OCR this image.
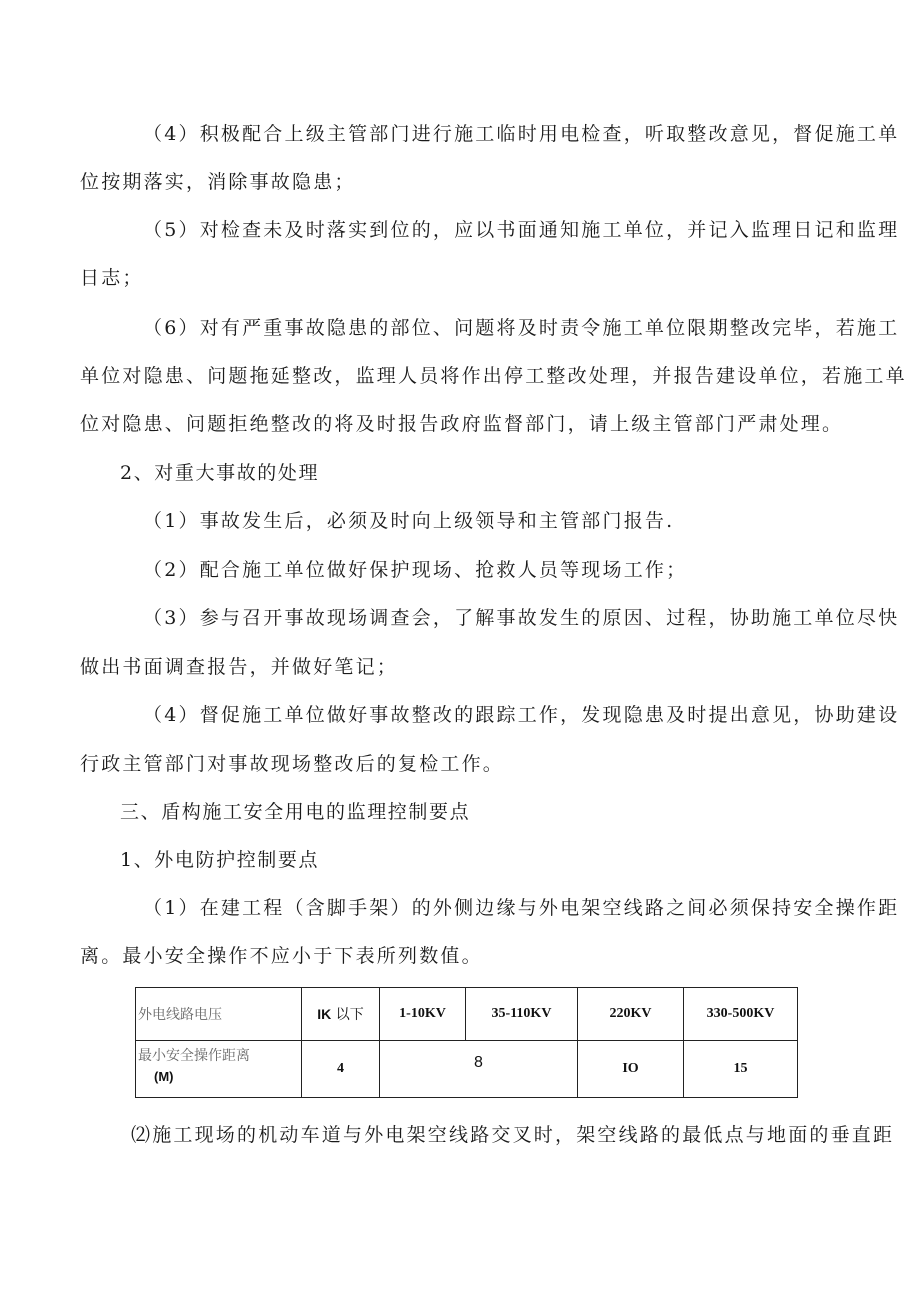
（4）积极配合上级主管部门进行施工临时用电检查，听取整改意见，督促施工单
位按期落实，消除事故隐患；
（5）对检查未及时落实到位的，应以书面通知施工单位，并记入监理日记和监理
日志；
（6）对有严重事故隐患的部位、问题将及时责令施工单位限期整改完毕，若施工
单位对隐患、问题拖延整改，监理人员将作出停工整改处理，并报告建设单位，若施工单
位对隐患、问题拒绝整改的将及时报告政府监督部门，请上级主管部门严肃处理。
2、对重大事故的处理
（1）事故发生后，必须及时向上级领导和主管部门报告.
（2）配合施工单位做好保护现场、抢救人员等现场工作；
（3）参与召开事故现场调查会，了解事故发生的原因、过程，协助施工单位尽快
做出书面调查报告，并做好笔记；
（4）督促施工单位做好事故整改的跟踪工作，发现隐患及时提出意见，协助建设
行政主管部门对事故现场整改后的复检工作。
三、盾构施工安全用电的监理控制要点
1、外电防护控制要点
（1）在建工程（含脚手架）的外侧边缘与外电架空线路之间必须保持安全操作距
离。最小安全操作不应小于下表所列数值。
外电线路电压	IK 以下	1-10KV	35-110KV	220KV	330-500KV
最小安全操作距离
(M)	4	8		IO	15
⑵施工现场的机动车道与外电架空线路交叉时，架空线路的最低点与地面的垂直距
